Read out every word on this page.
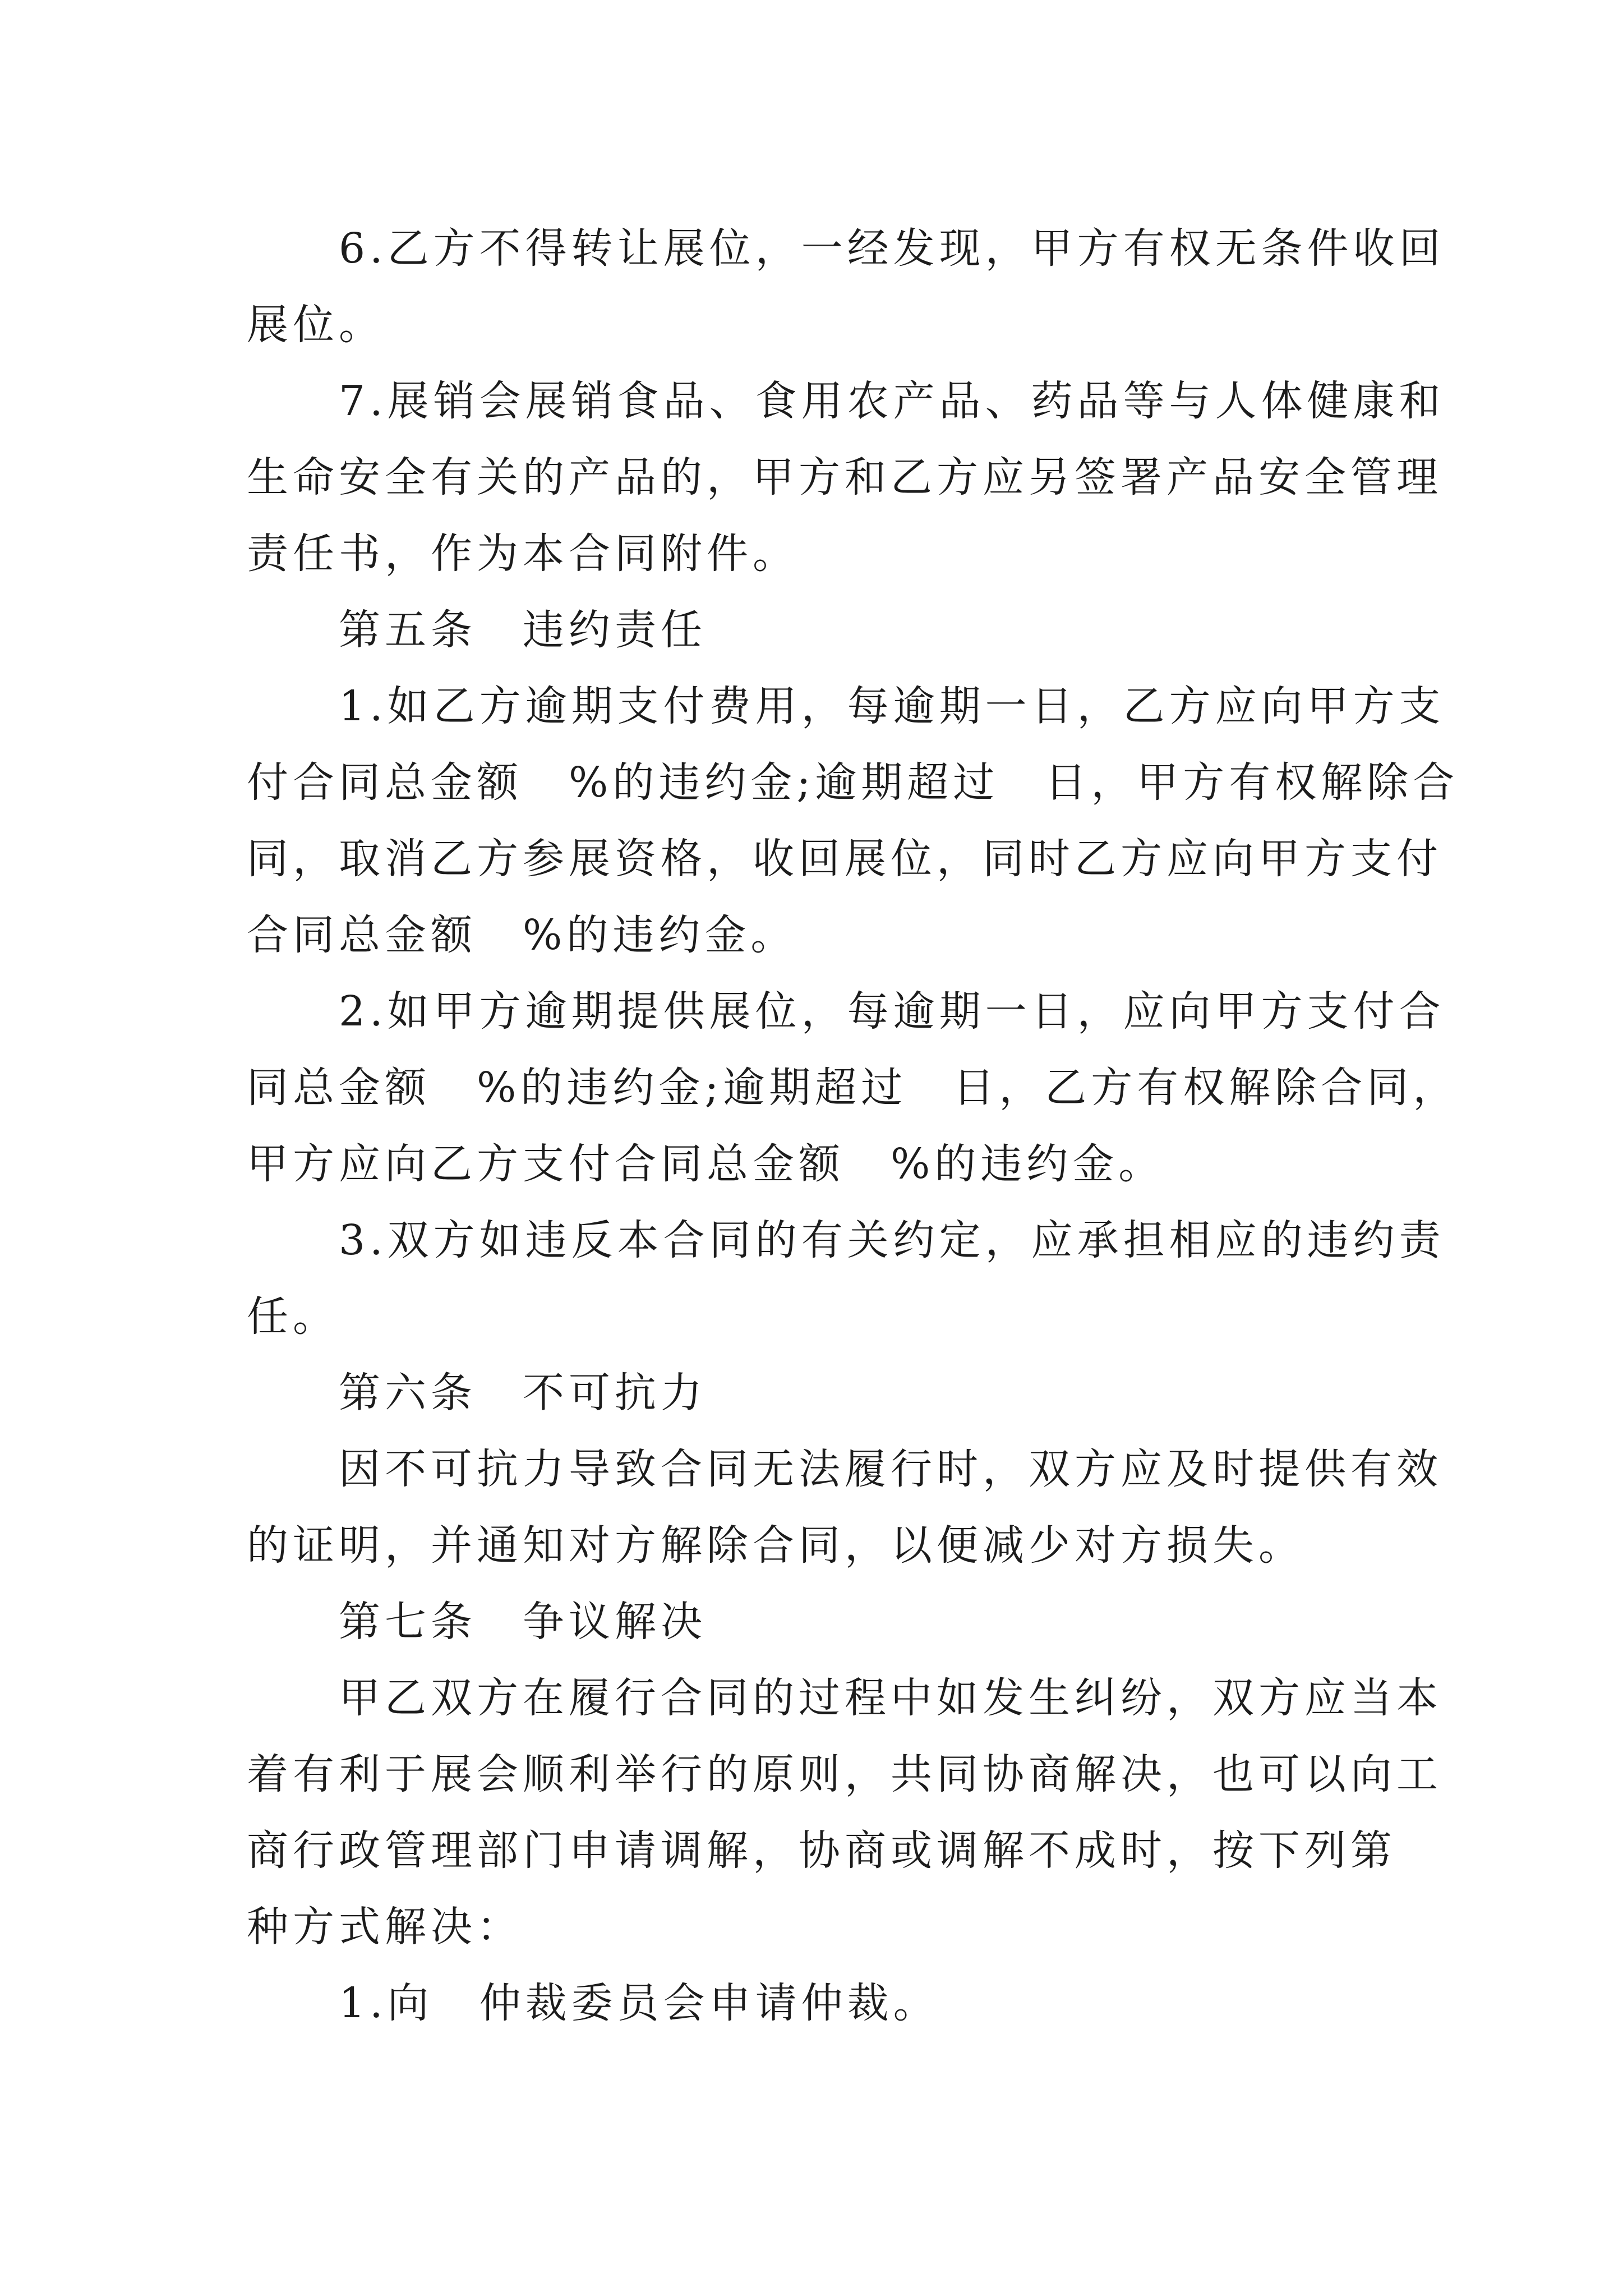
6.乙方不得转让展位，一经发现，甲方有权无条件收回
展位。
7.展销会展销食品、食用农产品、药品等与人体健康和
生命安全有关的产品的，甲方和乙方应另签署产品安全管理
责任书，作为本合同附件。
第五条　违约责任
1.如乙方逾期支付费用，每逾期一日，乙方应向甲方支
付合同总金额　%的违约金;逾期超过　日，甲方有权解除合
同，取消乙方参展资格，收回展位，同时乙方应向甲方支付
合同总金额　%的违约金。
2.如甲方逾期提供展位，每逾期一日，应向甲方支付合
同总金额　%的违约金;逾期超过　日，乙方有权解除合同，
甲方应向乙方支付合同总金额　%的违约金。
3.双方如违反本合同的有关约定，应承担相应的违约责
任。
第六条　不可抗力
因不可抗力导致合同无法履行时，双方应及时提供有效
的证明，并通知对方解除合同，以便减少对方损失。
第七条　争议解决
甲乙双方在履行合同的过程中如发生纠纷，双方应当本
着有利于展会顺利举行的原则，共同协商解决，也可以向工
商行政管理部门申请调解，协商或调解不成时，按下列第
种方式解决：
1.向　仲裁委员会申请仲裁。
